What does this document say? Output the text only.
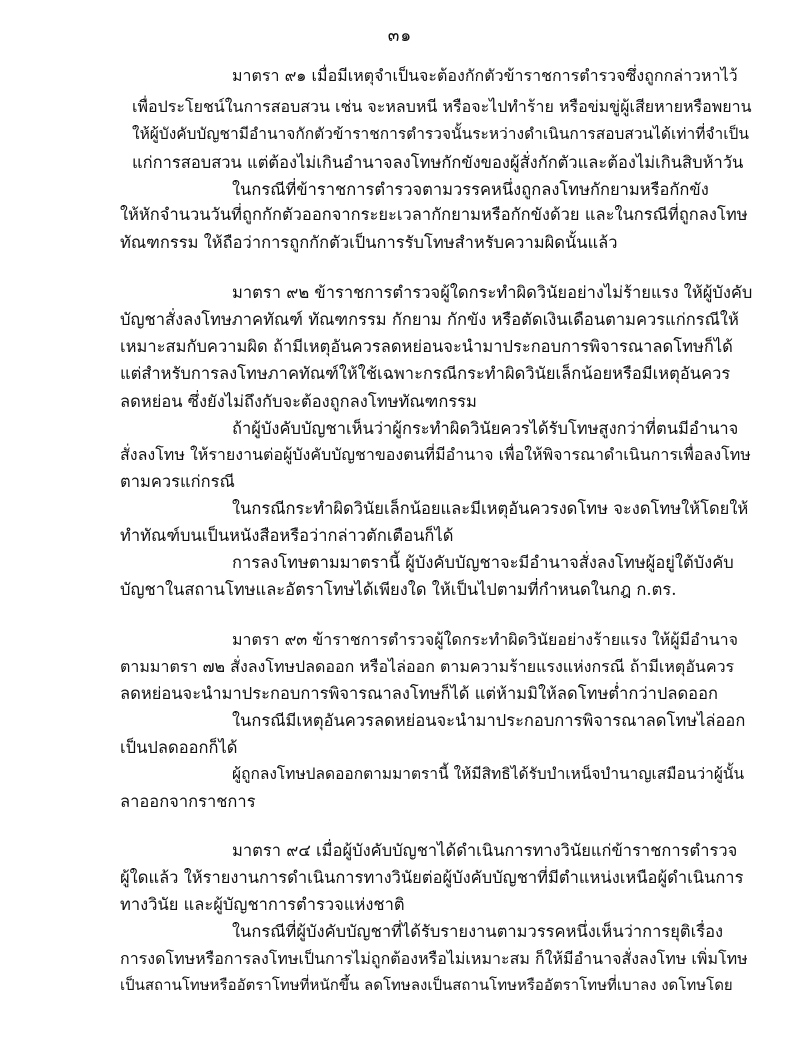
๓๑

มาตรา ๙๑ เมื่อมีเหตุจำเป็นจะต้องกักตัวข้าราชการตำรวจซึ่งถูกกล่าวหาไว้

เพื่อประโยชน์ในการสอบสวน เช่น จะหลบหนี หรือจะไปทำร้าย หรือข่มขู่ผู้เสียหายหรือพยาน

ให้ผู้บังคับบัญชามีอำนาจกักตัวข้าราชการตำรวจนั้นระหว่างดำเนินการสอบสวนได้เท่าที่จำเป็น

แก่การสอบสวน แต่ต้องไม่เกินอำนาจลงโทษกักขังของผู้สั่งกักตัวและต้องไม่เกินสิบห้าวัน

ในกรณีที่ข้าราชการตำรวจตามวรรคหนึ่งถูกลงโทษกักยามหรือกักขัง

ให้หักจำนวนวันที่ถูกกักตัวออกจากระยะเวลากักยามหรือกักขังด้วย และในกรณีที่ถูกลงโทษ

ทัณฑกรรม ให้ถือว่าการถูกกักตัวเป็นการรับโทษสำหรับความผิดนั้นแล้ว

มาตรา ๙๒ ข้าราชการตำรวจผู้ใดกระทำผิดวินัยอย่างไม่ร้ายแรง ให้ผู้บังคับ

บัญชาสั่งลงโทษภาคทัณฑ์ ทัณฑกรรม กักยาม กักขัง หรือตัดเงินเดือนตามควรแก่กรณีให้

เหมาะสมกับความผิด ถ้ามีเหตุอันควรลดหย่อนจะนำมาประกอบการพิจารณาลดโทษก็ได้

แต่สำหรับการลงโทษภาคทัณฑ์ให้ใช้เฉพาะกรณีกระทำผิดวินัยเล็กน้อยหรือมีเหตุอันควร

ลดหย่อน ซึ่งยังไม่ถึงกับจะต้องถูกลงโทษทัณฑกรรม

ถ้าผู้บังคับบัญชาเห็นว่าผู้กระทำผิดวินัยควรได้รับโทษสูงกว่าที่ตนมีอำนาจ

สั่งลงโทษ ให้รายงานต่อผู้บังคับบัญชาของตนที่มีอำนาจ เพื่อให้พิจารณาดำเนินการเพื่อลงโทษ

ตามควรแก่กรณี

ในกรณีกระทำผิดวินัยเล็กน้อยและมีเหตุอันควรงดโทษ จะงดโทษให้โดยให้

ทำทัณฑ์บนเป็นหนังสือหรือว่ากล่าวตักเตือนก็ได้

การลงโทษตามมาตรานี้ ผู้บังคับบัญชาจะมีอำนาจสั่งลงโทษผู้อยู่ใต้บังคับ

บัญชาในสถานโทษและอัตราโทษได้เพียงใด ให้เป็นไปตามที่กำหนดในกฎ ก.ตร.

มาตรา ๙๓ ข้าราชการตำรวจผู้ใดกระทำผิดวินัยอย่างร้ายแรง ให้ผู้มีอำนาจ

ตามมาตรา ๗๒ สั่งลงโทษปลดออก หรือไล่ออก ตามความร้ายแรงแห่งกรณี ถ้ามีเหตุอันควร

ลดหย่อนจะนำมาประกอบการพิจารณาลงโทษก็ได้ แต่ห้ามมิให้ลดโทษต่ำกว่าปลดออก

ในกรณีมีเหตุอันควรลดหย่อนจะนำมาประกอบการพิจารณาลดโทษไล่ออก

เป็นปลดออกก็ได้

ผู้ถูกลงโทษปลดออกตามมาตรานี้ ให้มีสิทธิได้รับบำเหน็จบำนาญเสมือนว่าผู้นั้น

ลาออกจากราชการ

มาตรา ๙๔ เมื่อผู้บังคับบัญชาได้ดำเนินการทางวินัยแก่ข้าราชการตำรวจ

ผู้ใดแล้ว ให้รายงานการดำเนินการทางวินัยต่อผู้บังคับบัญชาที่มีตำแหน่งเหนือผู้ดำเนินการ

ทางวินัย และผู้บัญชาการตำรวจแห่งชาติ

ในกรณีที่ผู้บังคับบัญชาที่ได้รับรายงานตามวรรคหนึ่งเห็นว่าการยุติเรื่อง

การงดโทษหรือการลงโทษเป็นการไม่ถูกต้องหรือไม่เหมาะสม ก็ให้มีอำนาจสั่งลงโทษ เพิ่มโทษ

เป็นสถานโทษหรืออัตราโทษที่หนักขึ้น ลดโทษลงเป็นสถานโทษหรืออัตราโทษที่เบาลง งดโทษโดย
